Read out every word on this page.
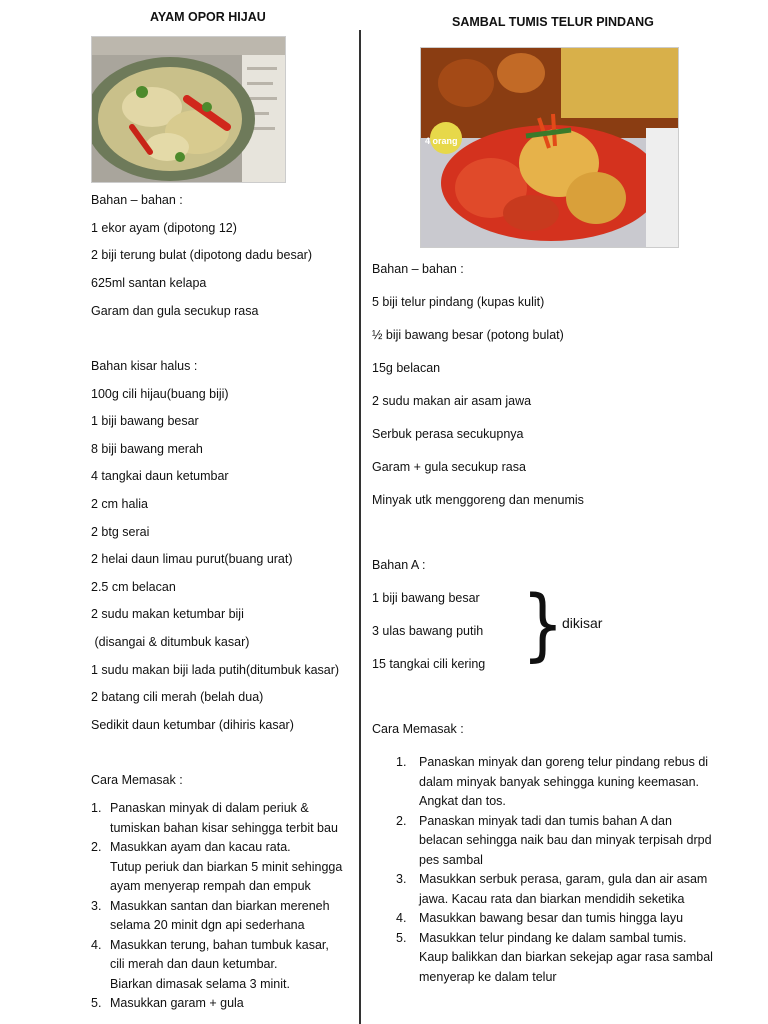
AYAM OPOR HIJAU
Bahan – bahan :
1 ekor ayam (dipotong 12)
2 biji terung bulat (dipotong dadu besar)
625ml santan kelapa
Garam dan gula secukup rasa
Bahan kisar halus :
100g cili hijau(buang biji)
1 biji bawang besar
8 biji bawang merah
4 tangkai daun ketumbar
2 cm halia
2 btg serai
2 helai daun limau purut(buang urat)
2.5 cm belacan
2 sudu makan ketumbar biji
(disangai & ditumbuk kasar)
1 sudu makan biji lada putih(ditumbuk kasar)
2 batang cili merah (belah dua)
Sedikit daun ketumbar (dihiris kasar)
Cara Memasak :
1. Panaskan minyak di dalam periuk &
tumiskan bahan kisar sehingga terbit bau
2. Masukkan ayam dan kacau rata.
Tutup periuk dan biarkan 5 minit sehingga
ayam menyerap rempah dan empuk
3. Masukkan santan dan biarkan mereneh
selama 20 minit dgn api sederhana
4. Masukkan terung, bahan tumbuk kasar,
cili merah dan daun ketumbar.
Biarkan dimasak selama 3 minit.
5. Masukkan garam + gula
SAMBAL TUMIS TELUR PINDANG
4 orang
Bahan – bahan :
5 biji telur pindang (kupas kulit)
½ biji bawang besar (potong bulat)
15g belacan
2 sudu makan air asam jawa
Serbuk perasa secukupnya
Garam + gula secukup rasa
Minyak utk menggoreng dan menumis
Bahan A :
1 biji bawang besar
3 ulas bawang putih
15 tangkai cili kering }
dikisar
Cara Memasak :
1. Panaskan minyak dan goreng telur pindang rebus di
dalam minyak banyak sehingga kuning keemasan.
Angkat dan tos.
2. Panaskan minyak tadi dan tumis bahan A dan
belacan sehingga naik bau dan minyak terpisah drpd
pes sambal
3. Masukkan serbuk perasa, garam, gula dan air asam
jawa. Kacau rata dan biarkan mendidih seketika
4. Masukkan bawang besar dan tumis hingga layu
5. Masukkan telur pindang ke dalam sambal tumis.
Kaup balikkan dan biarkan sekejap agar rasa sambal
menyerap ke dalam telur
